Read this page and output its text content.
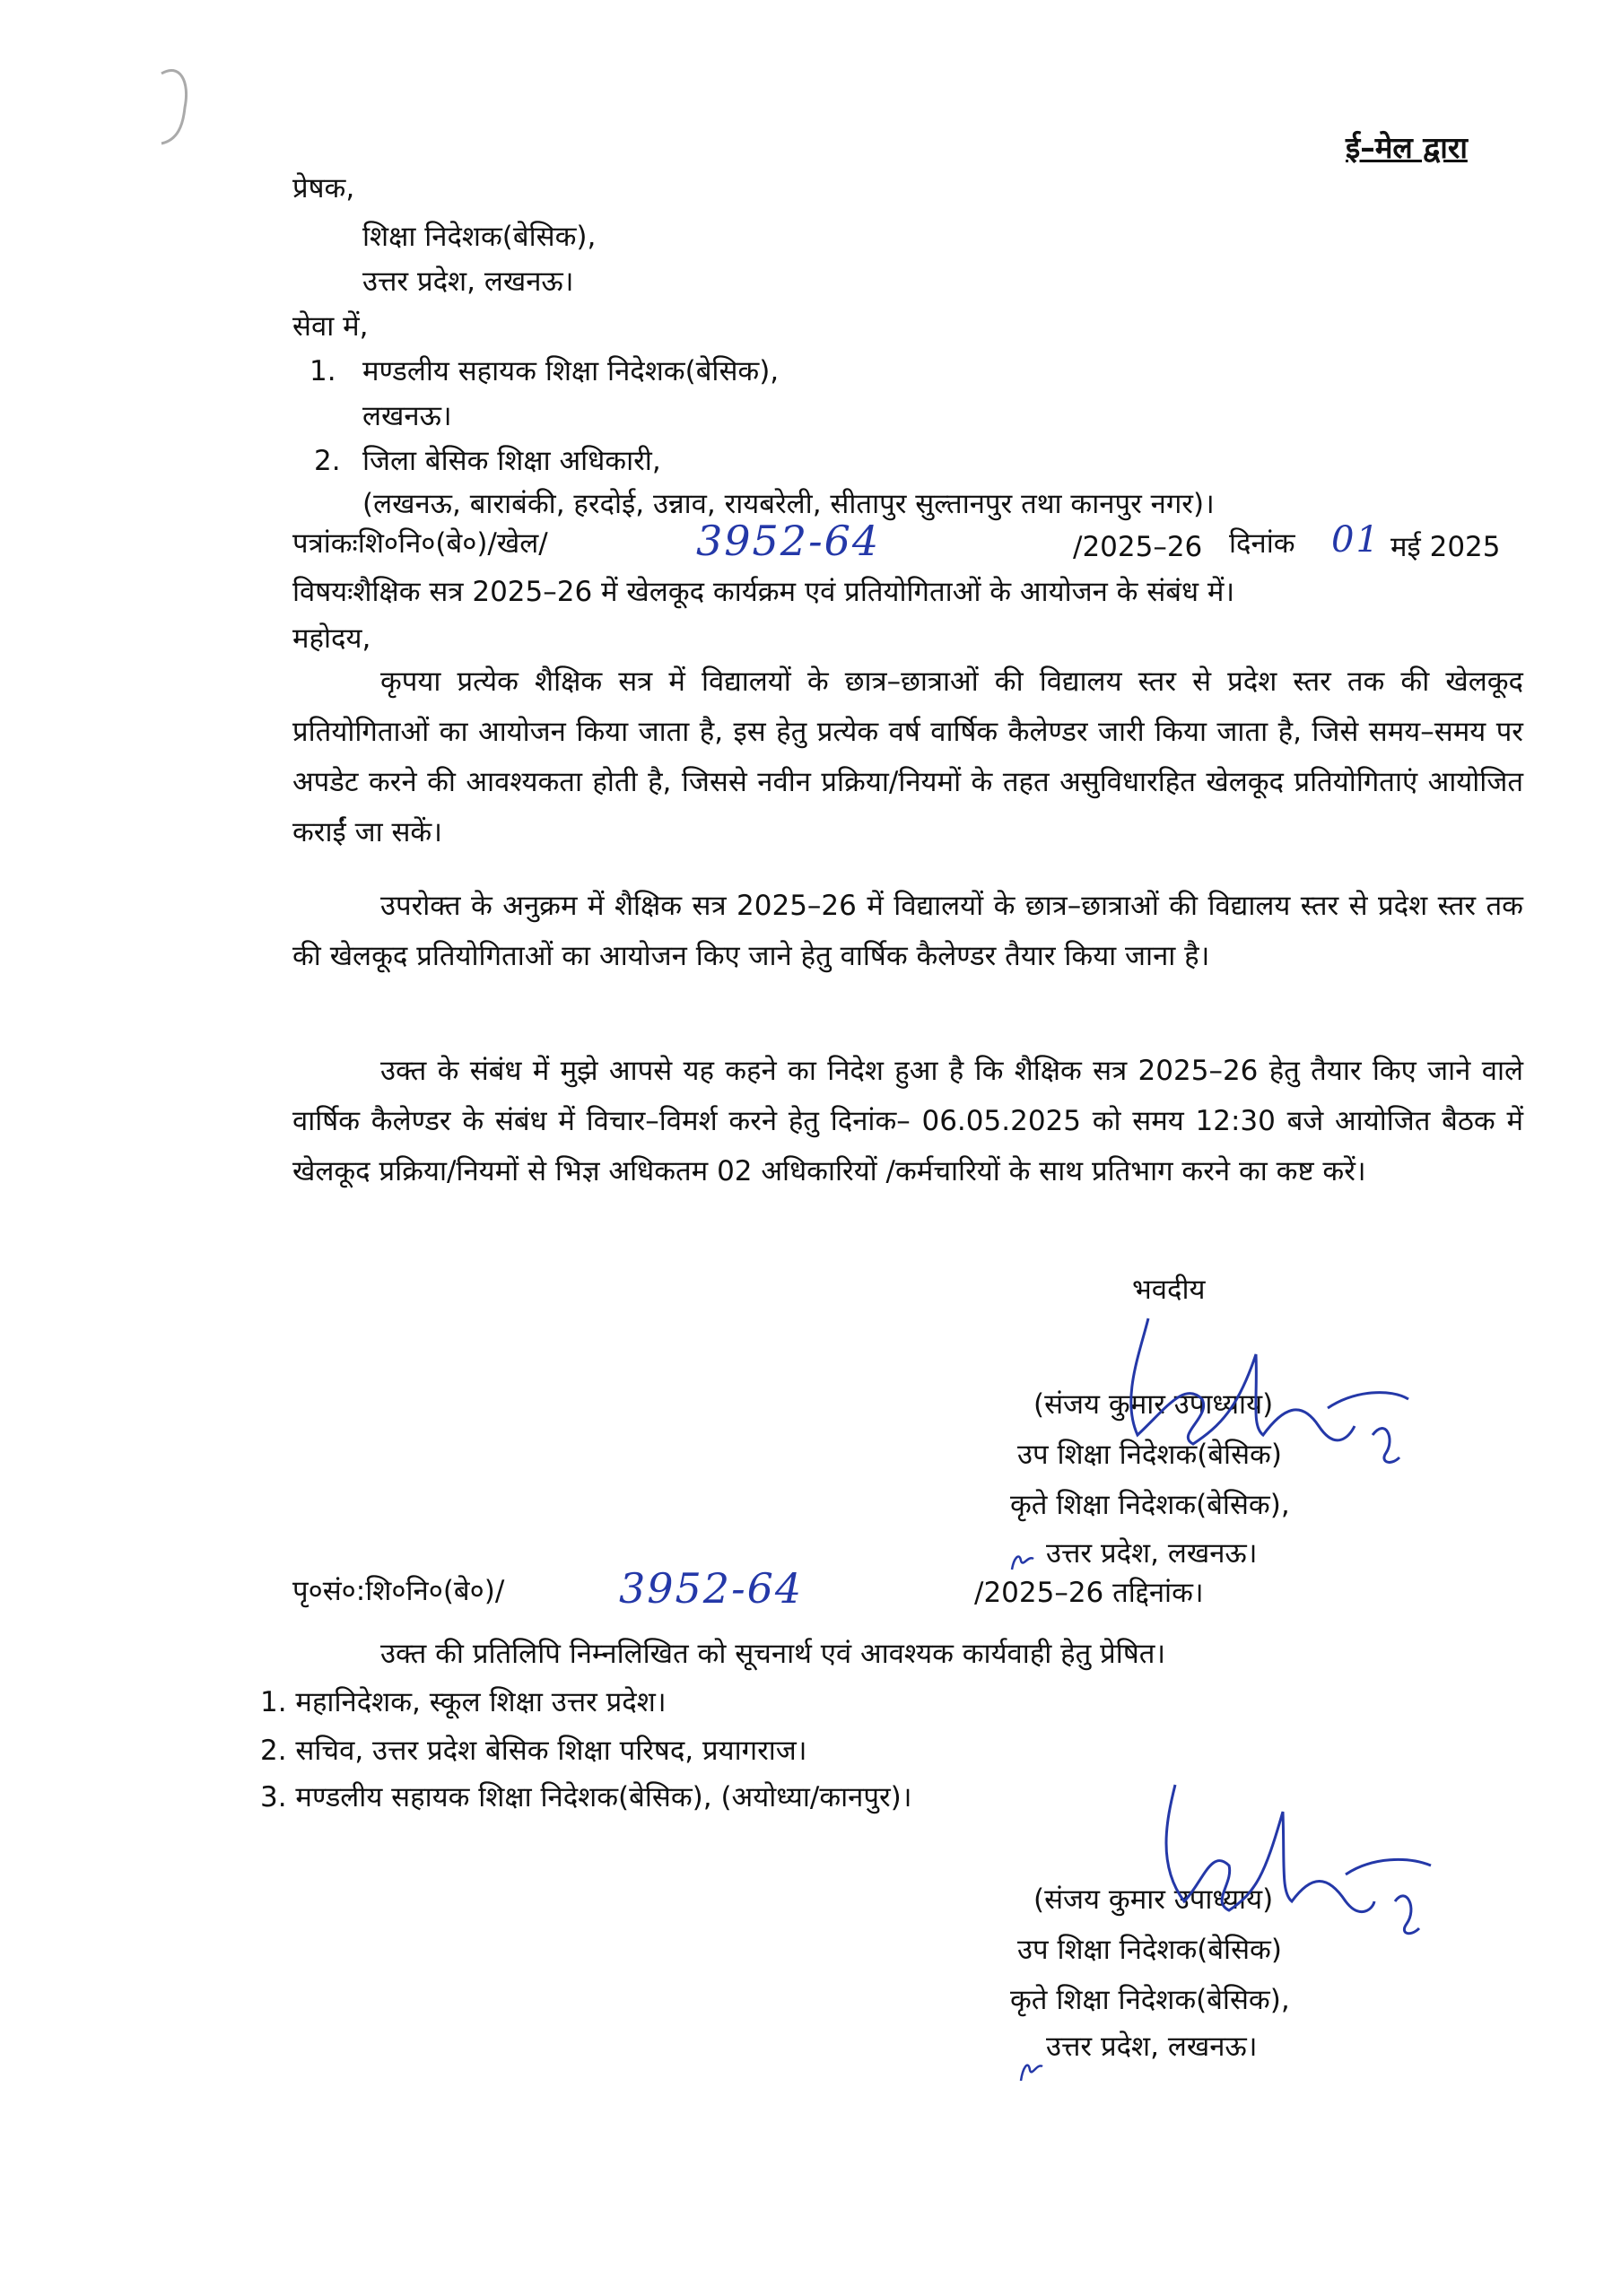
ई–मेल द्वारा
प्रेषक,
शिक्षा निदेशक(बेसिक),
उत्तर प्रदेश, लखनऊ।
सेवा में,
1. मण्डलीय सहायक शिक्षा निदेशक(बेसिक),
लखनऊ।
2. जिला बेसिक शिक्षा अधिकारी,
(लखनऊ, बाराबंकी, हरदोई, उन्नाव, रायबरेली, सीतापुर सुल्तानपुर तथा कानपुर नगर)।
पत्रांकःशि०नि०(बे०)/खेल/	3952-64	/2025–26 दिनांक 01 मई 2025
विषयःशैक्षिक सत्र 2025–26 में खेलकूद कार्यक्रम एवं प्रतियोगिताओं के आयोजन के संबंध में।
महोदय,
कृपया प्रत्येक शैक्षिक सत्र में विद्यालयों के छात्र–छात्राओं की विद्यालय स्तर से प्रदेश स्तर तक की खेलकूद प्रतियोगिताओं का आयोजन किया जाता है, इस हेतु प्रत्येक वर्ष वार्षिक कैलेण्डर जारी किया जाता है, जिसे समय–समय पर अपडेट करने की आवश्यकता होती है, जिससे नवीन प्रक्रिया/नियमों के तहत असुविधारहित खेलकूद प्रतियोगिताएं आयोजित कराईं जा सकें।
उपरोक्त के अनुक्रम में शैक्षिक सत्र 2025–26 में विद्यालयों के छात्र–छात्राओं की विद्यालय स्तर से प्रदेश स्तर तक की खेलकूद प्रतियोगिताओं का आयोजन किए जाने हेतु वार्षिक कैलेण्डर तैयार किया जाना है।
उक्त के संबंध में मुझे आपसे यह कहने का निदेश हुआ है कि शैक्षिक सत्र 2025–26 हेतु तैयार किए जाने वाले वार्षिक कैलेण्डर के संबंध में विचार–विमर्श करने हेतु दिनांक– 06.05.2025 को समय 12:30 बजे आयोजित बैठक में खेलकूद प्रक्रिया/नियमों से भिज्ञ अधिकतम 02 अधिकारियों /कर्मचारियों के साथ प्रतिभाग करने का कष्ट करें।
भवदीय
(संजय कुमार उपाध्याय)
उप शिक्षा निदेशक(बेसिक)
कृते शिक्षा निदेशक(बेसिक),
उत्तर प्रदेश, लखनऊ।
पृ०सं०:शि०नि०(बे०)/	3952-64	/2025–26 तद्दिनांक।
उक्त की प्रतिलिपि निम्नलिखित को सूचनार्थ एवं आवश्यक कार्यवाही हेतु प्रेषित।
1. महानिदेशक, स्कूल शिक्षा उत्तर प्रदेश।
2. सचिव, उत्तर प्रदेश बेसिक शिक्षा परिषद, प्रयागराज।
3. मण्डलीय सहायक शिक्षा निदेशक(बेसिक), (अयोध्या/कानपुर)।
(संजय कुमार उपाध्याय)
उप शिक्षा निदेशक(बेसिक)
कृते शिक्षा निदेशक(बेसिक),
उत्तर प्रदेश, लखनऊ।
